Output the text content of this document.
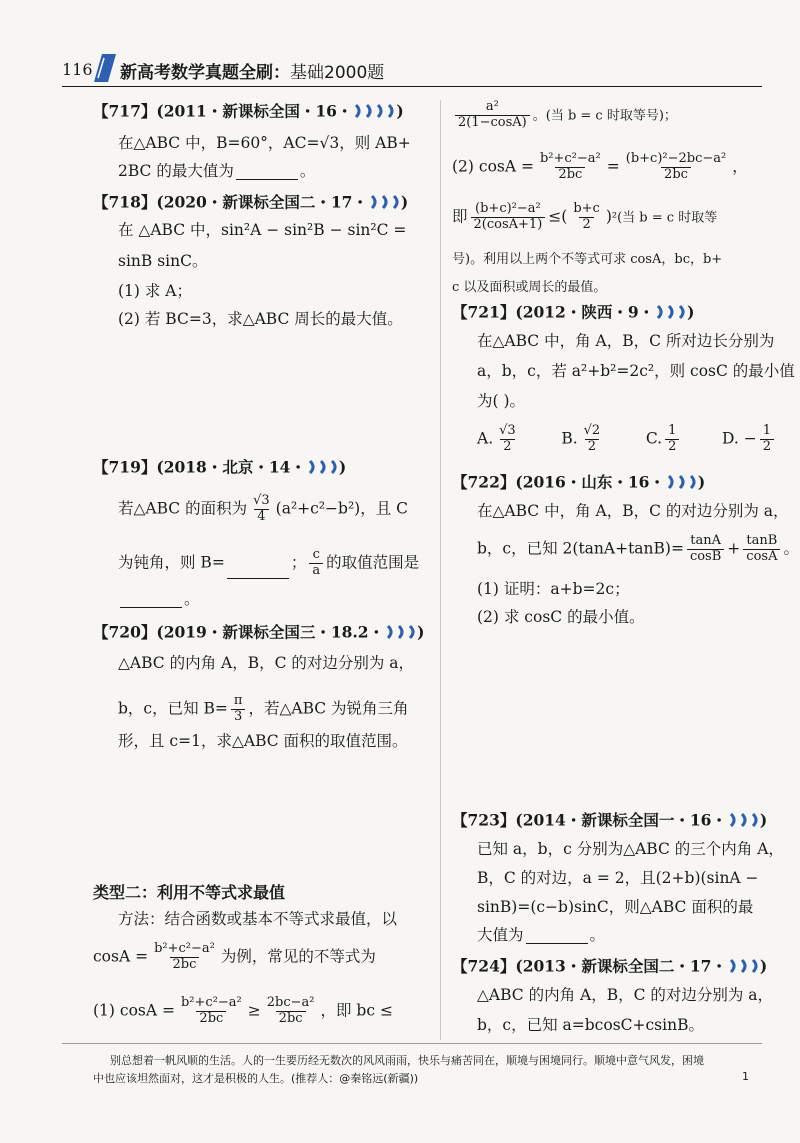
116 新高考数学真题全刷：基础2000题
【717】(2011・新课标全国・16・	)
在△ABC 中，B=60°，AC=√3，则 AB+
2BC 的最大值为	。
【718】(2020・新课标全国二・17・ )
在 △ABC 中，sin²A − sin²B − sin²C =
sinB sinC。
(1) 求 A；
(2) 若 BC=3，求△ABC 周长的最大值。
【719】(2018・北京・14・ )
若△ABC 的面积为 $\frac{√3}{4} (a^2+c^2-b^2)$，且 C
为钝角，则 B=	； $\frac{c}{a}$ 的取值范围是
。
【720】(2019・新课标全国三・18.2・ )
△ABC 的内角 A，B，C 的对边分别为 a，
b，c，已知 $B= \frac{\pi}{3}$ ，若△ABC 为锐角三角
形，且 c=1，求△ABC 面积的取值范围。
类型二：利用不等式求最值
方法：结合函数或基本不等式求最值，以
$\cos A = \frac{\text{b²+c²−a²}}{2bc}$ 为例，常见的不等式为
(1) $\cos A = \frac{\text{b²+c²−a²}}{2bc} \ge \frac{\text{2bc−a²}}{2bc}$ ，即 bc ≤
$\frac{\text{a²}}{2(1-\cos A)}$ 。(当 b = c 时取等号)；
(2) $\cos A = \frac{\text{b²+c²−a²}}{2bc} = \frac{\text{(b+c)²−2bc−a²}}{2bc}$ ，
即 $\frac{\text{(b+c)²−a²}}{2(\cos A+1)}$ ≤( $\frac{b+c}{2} )^2$(当 b = c 时取等
号)。利用以上两个不等式可求 cosA，bc，b+
c 以及面积或周长的最值。
【721】(2012・陕西・9・ )
在△ABC 中，角 A，B，C 所对边长分别为
a，b，c，若 a²+b²=2c²，则 cosC 的最小值
为( )。
A. $\frac{√3}{2}$	B. $\frac{√2}{2}$	C. $\frac{1}{2}$	D. − $\frac{1}{2}$
【722】(2016・山东・16・ )
在△ABC 中，角 A，B，C 的对边分别为 a，
b，c，已知 $2(\tan A+\tan B)= \frac{\tan A}{\cos B} + \frac{\tan B}{\cos A}$ 。
(1) 证明：a+b=2c；
(2) 求 cosC 的最小值。
【723】(2014・新课标全国一・16・ )
已知 a，b，c 分别为△ABC 的三个内角 A，
B，C 的对边，a = 2，且(2+b)(sinA −
sinB)=(c−b)sinC，则△ABC 面积的最
大值为	。
【724】(2013・新课标全国二・17・ )
△ABC 的内角 A，B，C 的对边分别为 a，
b，c，已知 a=bcosC+csinB。
别总想着一帆风顺的生活。人的一生要历经无数次的风风雨雨，快乐与痛苦同在，顺境与困境同行。顺境中意气风发，困境
中也应该坦然面对，这才是积极的人生。(推荐人：@秦铭远(新疆))	1
